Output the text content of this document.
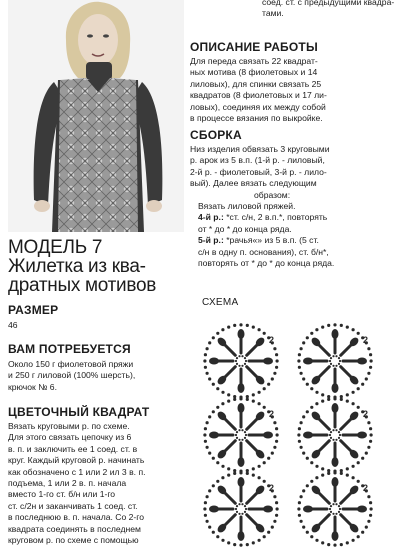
МОДЕЛЬ 7
Жилетка из ква-
дратных мотивов
РАЗМЕР
46
ВАМ ПОТРЕБУЕТСЯ
Около 150 г фиолетовой пряжи
и 250 г лиловой (100% шерсть),
крючок № 6.
ЦВЕТОЧНЫЙ КВАДРАТ
Вязать круговыми р. по схеме.
Для этого связать цепочку из 6
в. п. и заключить ее 1 соед. ст. в
круг. Каждый круговой р. начинать
как обозначено с 1 или 2 ил 3 в. п.
подъема, 1 или 2 в. п. начала
вместо 1-го ст. б/н или 1-го
ст. с/2н и заканчивать 1 соед. ст.
в последнюю в. п. начала. Со 2-го
квадрата соединять в последнем
круговом р. по схеме с помощью
соед. ст. с предыдущими квадра-
тами.
ОПИСАНИЕ РАБОТЫ
Для переда связать 22 квадрат-
ных мотива (8 фиолетовых и 14
лиловых), для спинки связать 25
квадратов (8 фиолетовых и 17 ли-
ловых), соединяя их между собой
в процессе вязания по выкройке.
СБОРКА
Низ изделия обвязать 3 круговыми
р. арок из 5 в.п. (1-й р. - лиловый,
2-й р. - фиолетовый, 3-й р. - лило-
вый). Далее вязать следующим
образом:
Вязать лиловой пряжей.
4-й р.: *ст. с/н, 2 в.п.*, повторять
от * до * до конца ряда.
5-й р.: *рачья«» из 5 в.п. (5 ст.
с/н в одну п. основания), ст. б/н*,
повторять от * до * до конца ряда.
СХЕМА
2	2
2	2
2	2
